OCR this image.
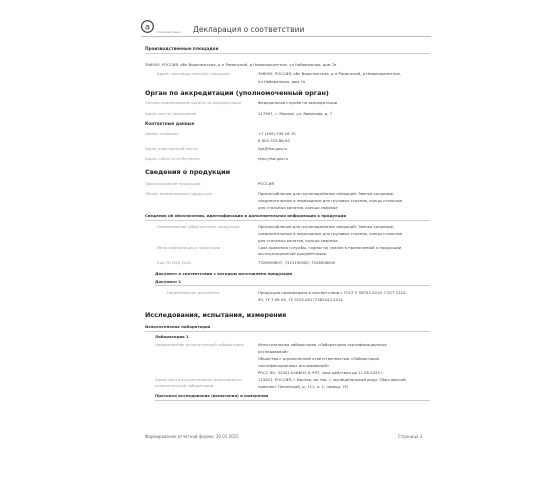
a
Росаккредитация Декларация о соответствии
Производственные площадки
396005, РОССИЯ, обл Воронежская, р-н Рамонский, д Новоподклетное, ул Набережная, дом 7а
Адрес производственной площадки	396005, РОССИЯ, обл Воронежская, р-н Рамонский, д Новоподклетное,
ул Набережная, дом 7а
Орган по аккредитации (уполномоченный орган)
Полное наименование органа по аккредитации	Федеральная служба по аккредитации
Адрес места нахождения	117997, г. Москва, ул. Вавилова, д. 7
Контактные данные
Номер телефона	+7 (495) 539 26 70
8 800-333-88-00
Адрес электронной почты	fgis@fsa.gov.ru
Адрес сайта сети Интернет	http://fsa.gov.ru
Сведения о продукции
Происхождение продукции	РОССИЯ
Общее наименование продукции	Приспособления для грузоподъёмных операций: Звенья концевые,
соединительные и переходные для грузовых стропов, концы стальные
для стальных канатов, кольца сварные
Сведения об обозначении, идентификации и дополнительная информация о продукции
Наименование (обозначение) продукции	Приспособления для грузоподъёмных операций: Звенья концевые,
соединительные и переходные для грузовых стропов, концы стальные
для стальных канатов, кольца сварные
Иная информация о продукции	Срок хранения (службы, годности) указан в прилагаемой к продукции
эксплуатационной документации
Код ТН ВЭД ЕАЭС	7326909807, 7315190000, 7326908000
Документ о соответствии с которым изготовлена продукция
Документ 1
Наименование документа	Продукция произведена в соответствии с ГОСТ Р 58753-2019, ГОСТ 2224-
93, ТУ 3 06 ХХ, ТУ 3150-00177482443-2014
Исследования, испытания, измерения
Испытательная лаборатория
Лаборатория 1
Наименование испытательной лаборатории	Испытательная лаборатория «Лаборатория сертификационных
исследований»
Общество с ограниченной ответственностью «Лаборатория
сертификационных исследований»
POCC RU. 32001.04ИБН1.Н.ЧЯТ, срок действия до 11.08.2025 г.
Адрес места осуществления деятельности
испытательной лаборатории
115621, РОССИЯ, г Москва, вн.тер. г. муниципальный округ Обручевский,
проспект Ленинский, д. 111, к. 1, помещ. 7Н
Протокол исследования (испытания) и измерения
Формирование отчетной формы: 30.01.2025	Страница 3
